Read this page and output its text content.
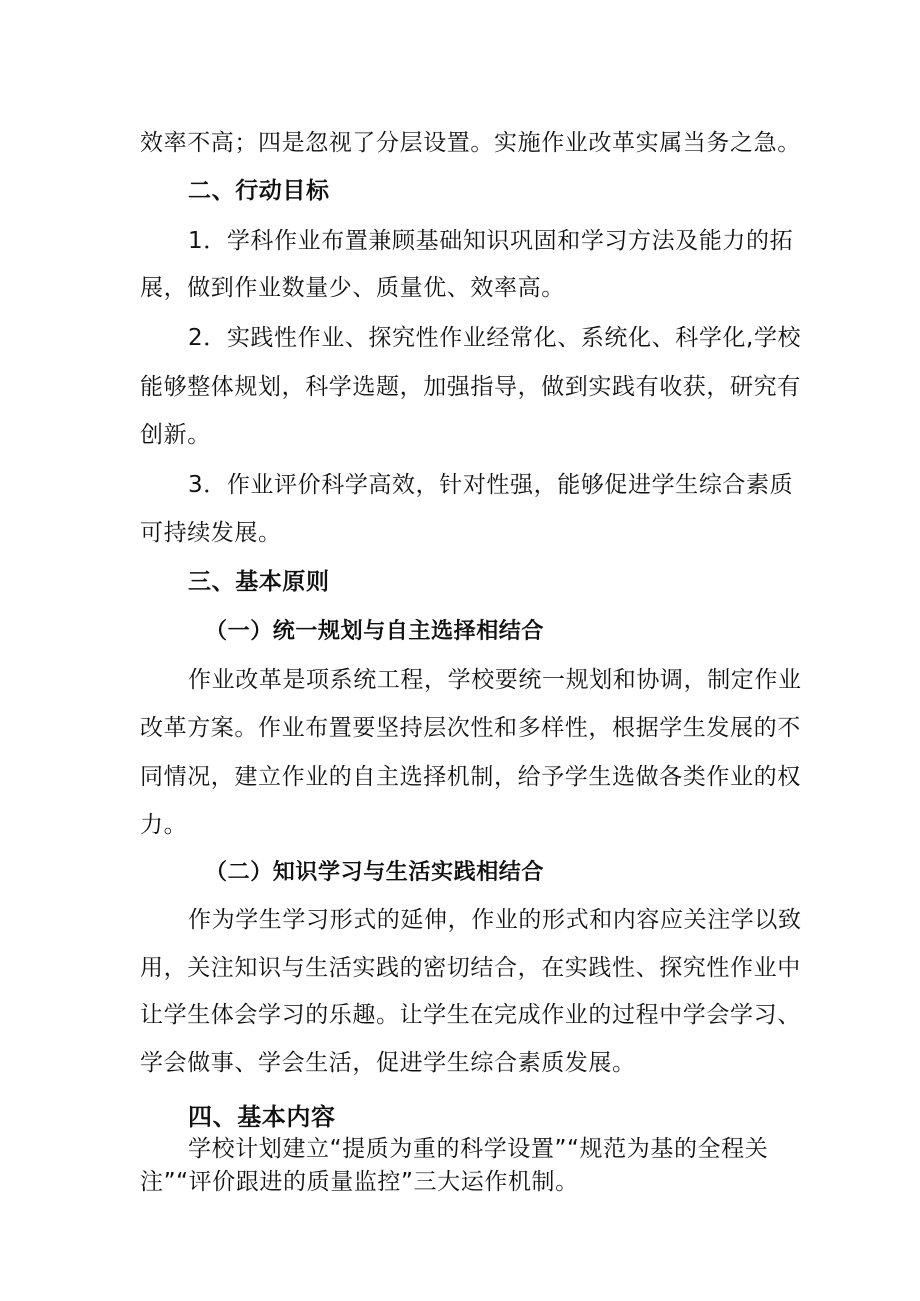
效率不高；四是忽视了分层设置。实施作业改革实属当务之急。
二、行动目标
1．学科作业布置兼顾基础知识巩固和学习方法及能力的拓
展，做到作业数量少、质量优、效率高。
2．实践性作业、探究性作业经常化、系统化、科学化,学校
能够整体规划，科学选题，加强指导，做到实践有收获，研究有
创新。
3．作业评价科学高效，针对性强，能够促进学生综合素质
可持续发展。
三、基本原则
（一）统一规划与自主选择相结合
作业改革是项系统工程，学校要统一规划和协调，制定作业
改革方案。作业布置要坚持层次性和多样性，根据学生发展的不
同情况，建立作业的自主选择机制，给予学生选做各类作业的权
力。
（二）知识学习与生活实践相结合
作为学生学习形式的延伸，作业的形式和内容应关注学以致
用，关注知识与生活实践的密切结合，在实践性、探究性作业中
让学生体会学习的乐趣。让学生在完成作业的过程中学会学习、
学会做事、学会生活，促进学生综合素质发展。
四、基本内容
学校计划建立“提质为重的科学设置”“规范为基的全程关
注”“评价跟进的质量监控”三大运作机制。
